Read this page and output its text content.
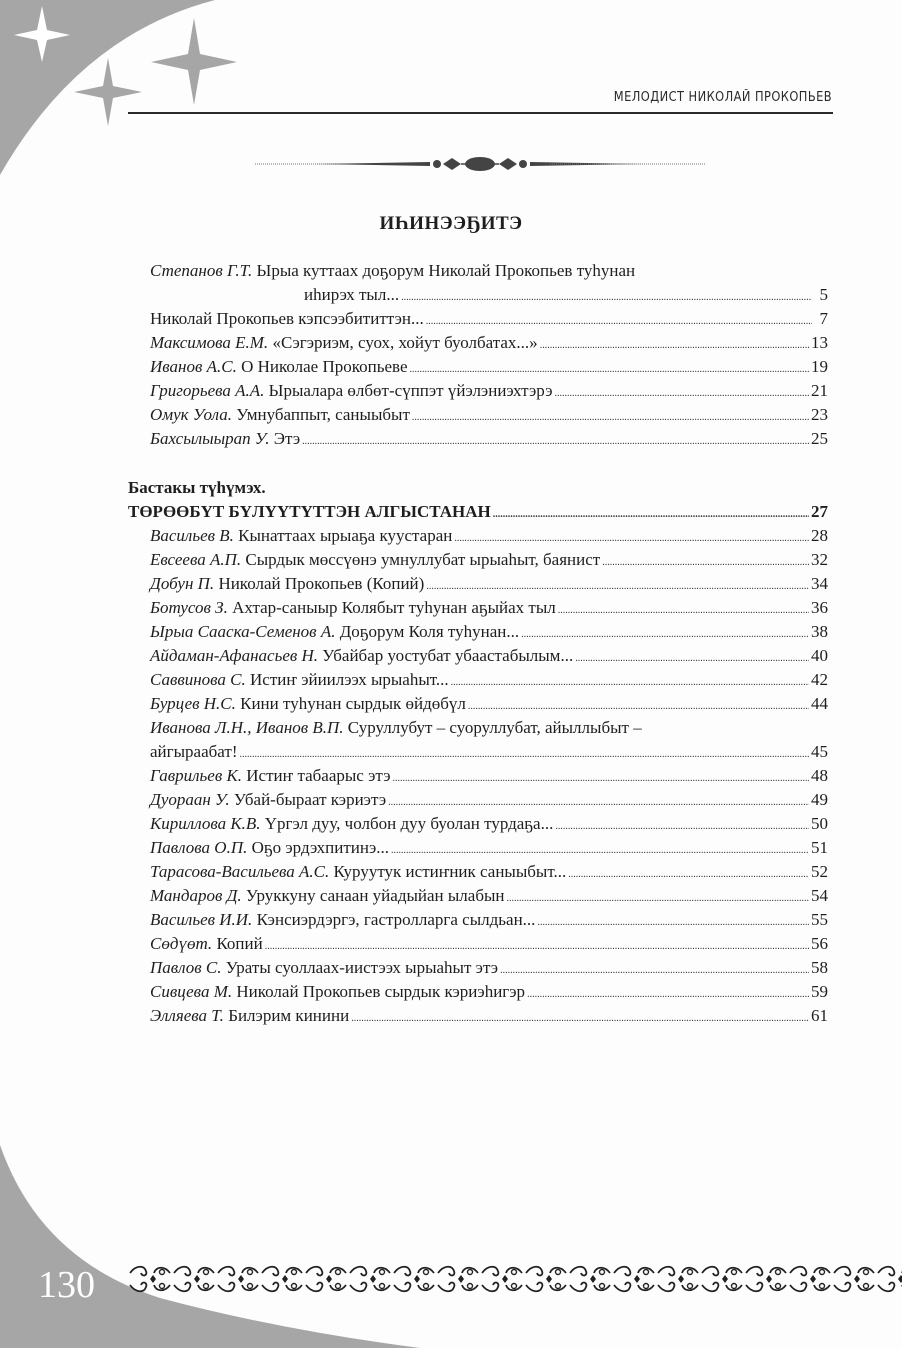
МЕЛОДИСТ НИКОЛАЙ ПРОКОПЬЕВ
ИҺИНЭЭҔИТЭ
Степанов Г.Т.
Ырыа куттаах доҕорум Николай Прокопьев туһунан
иһирэх тыл... .....	5
Николай Прокопьев кэпсээбититтэн... .....	7
Максимова Е.М.
«Сэгэриэм, суох, хойут буолбатах...» .....	13
Иванов А.С.
О Николае Прокопьеве .....	19
Григорьева А.А.
Ырыалара өлбөт-сүппэт үйэлэниэхтэрэ .....	21
Омук Уола.
Умнубаппыт, саныыбыт .....	23
Бахсылыырап У.
Этэ .....	25
Бастакы түһүмэх.
ТӨРӨӨБҮТ БҮЛҮҮТҮТТЭН АЛГЫСТАНАН .....	27
Васильев В.
Кынаттаах ырыаҕа куустаран .....	28
Евсеева А.П.
Сырдык мөссүөнэ умнуллубат ырыаһыт, баянист .....	32
Добун П.
Николай Прокопьев (Копий) .....	34
Ботусов З.
Ахтар-саныыр Колябыт туһунан аҕыйах тыл .....	36
Ырыа Сааска-Семенов А.
Доҕорум Коля туһунан... .....	38
Айдаман-Афанасьев Н.
Убайбар уостубат убаастабылым... .....	40
Саввинова С.
Истиҥ эйиилээх ырыаһыт... .....	42
Бурцев Н.С.
Кини туһунан сырдык өйдөбүл .....	44
Иванова Л.Н., Иванов В.П.
Суруллубут – суоруллубат, айыллыбыт –
айгыраабат! .....	45
Гаврильев К.
Истиҥ табаарыс этэ .....	48
Дуораан У.
Убай-быраат кэриэтэ .....	49
Кириллова К.В.
Үргэл дуу, чолбон дуу буолан турдаҕа... .....	50
Павлова О.П.
Оҕо эрдэхпитинэ... .....	51
Тарасова-Васильева А.С.
Куруутук истиҥник саныыбыт... .....	52
Мандаров Д.
Уруккуну санаан уйадыйан ылабын .....	54
Васильев И.И.
Кэнсиэрдэргэ, гастролларга сылдьан... .....	55
Сөдүөт.
Копий .....	56
Павлов С.
Ураты суоллаах-иистээх ырыаһыт этэ .....	58
Сивцева М.
Николай Прокопьев сырдык кэриэһигэр .....	59
Элляева Т.
Билэрим кинини .....	61
130
